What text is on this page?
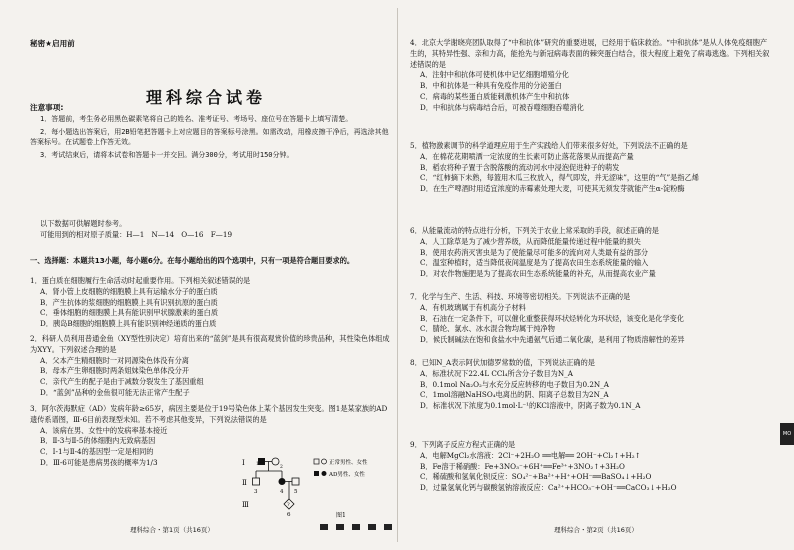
秘密★启用前
理科综合试卷
注意事项:

1．答题前，考生务必用黑色碳素笔将自己的姓名、准考证号、考场号、座位号在答题卡上填写清楚。

2．每小题选出答案后，用2B铅笔把答题卡上对应题目的答案标号涂黑。如需改动，用橡皮擦干净后，再选涂其他答案标号。在试题卷上作答无效。

3．考试结束后，请将本试卷和答题卡一并交回。满分300分，考试用时150分钟。

以下数据可供解题时参考。

可能用到的相对原子质量：H—1　N—14　O—16　F—19

一、选择题：本题共13小题，每小题6分。在每小题给出的四个选项中，只有一项是符合题目要求的。
1．蛋白质在细胞履行生命活动时起重要作用。下列相关叙述错误的是
A．肾小管上皮细胞的细胞膜上具有运输水分子的蛋白质
B．产生抗体的浆细胞的细胞膜上具有识别抗原的蛋白质
C．垂体细胞的细胞膜上具有能识别甲状腺激素的蛋白质
D．胰岛B细胞的细胞膜上具有能识别神经递质的蛋白质
2．科研人员利用普通金鱼（XY型性别决定）培育出来的“蓝剑”是具有很高观赏价值的珍贵品种，其性染色体组成为XYY。下列叙述合理的是
A．父本产生精细胞时一对同源染色体没有分离
B．母本产生卵细胞时两条姐妹染色单体没分开
C．亲代产生的配子是由于减数分裂发生了基因重组
D．“蓝剑”品种的金鱼很可能无法正常产生配子
3．阿尔茨海默症（AD）发病年龄≥65岁，病因主要是位于19号染色体上某个基因发生突变。图1是某家族的AD遗传系谱图，Ⅲ-6目前表现型未知。若不考虑其他变异，下列说法错误的是
A．该病在男、女性中的发病率基本接近
B．Ⅱ-3与Ⅱ-5的体细胞内无致病基因
C．Ⅰ-1与Ⅱ-4的基因型一定是相同的
D．Ⅲ-6可能是患病男孩的概率为1/3	Ⅰ
Ⅱ
Ⅲ
3	4 5
1
2
?
6
正常男性、女性
AD男性、女性
图1
理科综合・第1页（共16页）
4．北京大学谢晓亮团队取得了“中和抗体”研究的重要进展，已经用于临床救治。“中和抗体”是从人体免疫细胞产生的，其特异性强、亲和力高，能抢先与新冠病毒表面的棘突蛋白结合，很大程度上避免了病毒逃逸。下列相关叙述错误的是
A．注射中和抗体可使机体中记忆细胞增殖分化
B．中和抗体是一种具有免疫作用的分泌蛋白
C．病毒的某些蛋白质能刺激机体产生中和抗体
D．中和抗体与病毒结合后，可被吞噬细胞吞噬消化
5．植物激素调节的科学道理应用于生产实践给人们带来很多好处，下列说法不正确的是
A．在棉花花期喷洒一定浓度的生长素可防止落花落果从而提高产量
B．稻农将种子置于含脱落酸的流动河水中浸泡促进种子的萌发
C．“红柿摘下未熟，每篮用木瓜三枚放入，得气即发，并无涩味”，这里的“气”是指乙烯
D．在生产啤酒时用适宜浓度的赤霉素处理大麦，可使其无须发芽就能产生α-淀粉酶
6．从能量流动的特点进行分析，下列关于农业上常采取的手段，叙述正确的是
A．人工除草是为了减少营养级，从而降低能量传递过程中能量的损失
B．使用农药消灭害虫是为了使能量尽可能多的流向对人类最有益的部分
C．温室种植时，适当降低夜间温度是为了提高农田生态系统能量的输入
D．对农作物施肥是为了提高农田生态系统能量的补充，从而提高农业产量
7．化学与生产、生活、科技、环境等密切相关。下列说法不正确的是
A．有机玻璃属于有机高分子材料
B．石油在一定条件下，可以催化重整获得环状烃转化为环状烃，该变化是化学变化
C．腈纶、氯水、冰水混合物均属于纯净物
D．候氏制碱法在饱和食盐水中先通氨气后通二氧化碳，是利用了物质溶解性的差异
8．已知N_A表示阿伏加德罗常数的值，下列说法正确的是
A．标准状况下22.4L CCl₄所含分子数目为N_A
B．0.1mol Na₂O₂与水充分反应转移的电子数目为0.2N_A
C．1mol溶融NaHSO₄电离出的阴、阳离子总数目为2N_A
D．标准状况下浓度为0.1mol·L⁻¹的KCl溶液中，阴离子数为0.1N_A
9．下列离子反应方程式正确的是
A．电解MgCl₂水溶液：2Cl⁻+2H₂O ══电解══ 2OH⁻+Cl₂↑+H₂↑
B．Fe溶于稀硝酸：Fe+3NO₃⁻+6H⁺══Fe³⁺+3NO₂↑+3H₂O
C．稀硫酸和氢氧化钡反应：SO₄²⁻+Ba²⁺+H⁺+OH⁻══BaSO₄↓+H₂O
D．过量氢氧化钙与碳酸氢钠溶液反应：Ca²⁺+HCO₃⁻+OH⁻══CaCO₃↓+H₂O
理科综合・第2页（共16页）
MO
